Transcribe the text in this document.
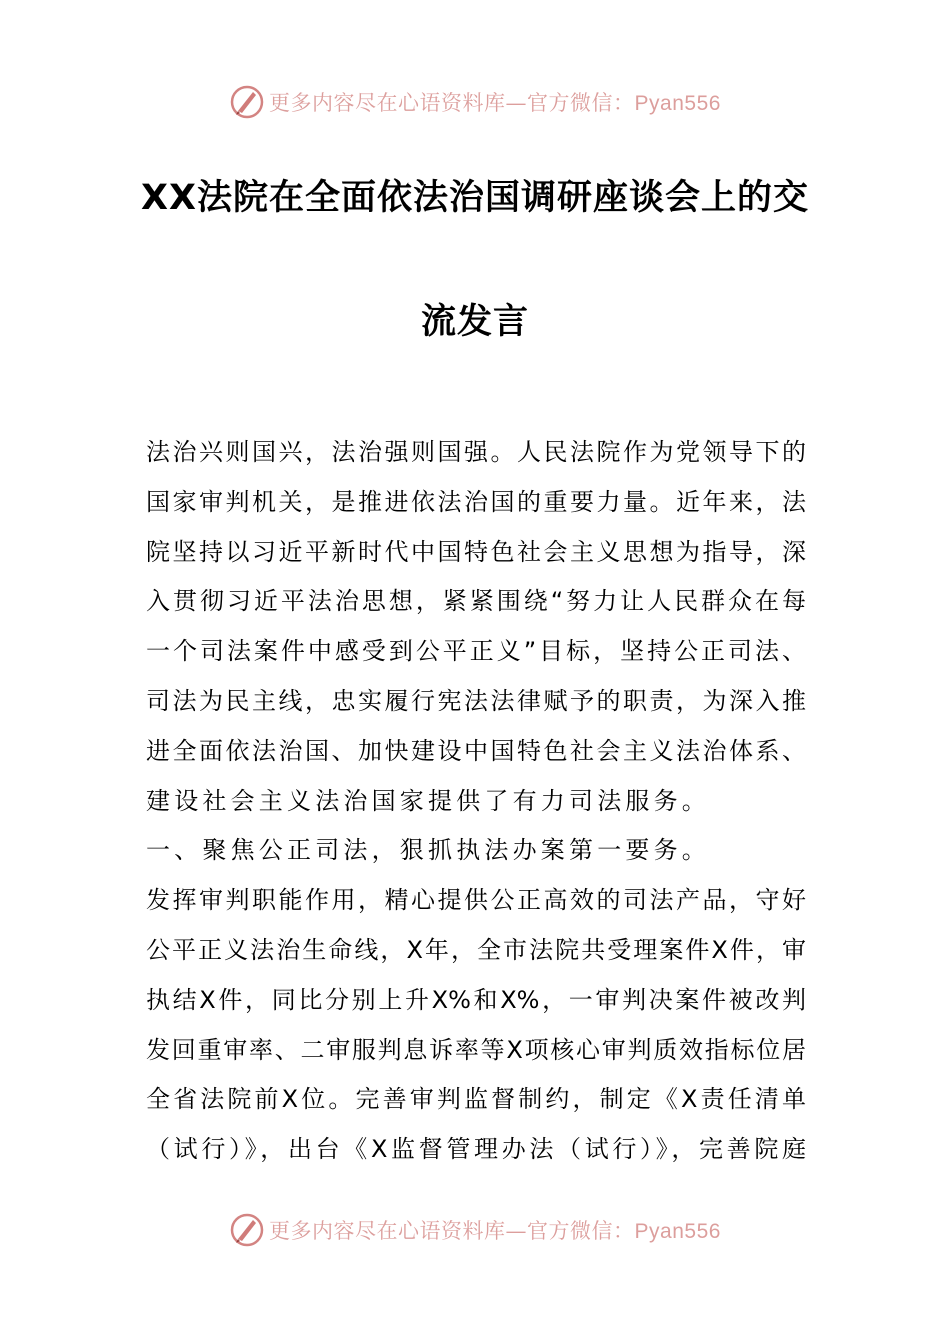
更多内容尽在心语资料库—官方微信：Pyan556
XX法院在全面依法治国调研座谈会上的交
流发言
法治兴则国兴，法治强则国强。人民法院作为党领导下的
国家审判机关，是推进依法治国的重要力量。近年来，法
院坚持以习近平新时代中国特色社会主义思想为指导，深
入贯彻习近平法治思想，紧紧围绕“努力让人民群众在每
一个司法案件中感受到公平正义”目标，坚持公正司法、
司法为民主线，忠实履行宪法法律赋予的职责，为深入推
进全面依法治国、加快建设中国特色社会主义法治体系、
建设社会主义法治国家提供了有力司法服务。
一、聚焦公正司法，狠抓执法办案第一要务。
发挥审判职能作用，精心提供公正高效的司法产品，守好
公平正义法治生命线，X年，全市法院共受理案件X件，审
执结X件，同比分别上升X%和X%，一审判决案件被改判
发回重审率、二审服判息诉率等X项核心审判质效指标位居
全省法院前X位。完善审判监督制约，制定《X责任清单
（试行）》，出台《X监督管理办法（试行）》，完善院庭
更多内容尽在心语资料库—官方微信：Pyan556
